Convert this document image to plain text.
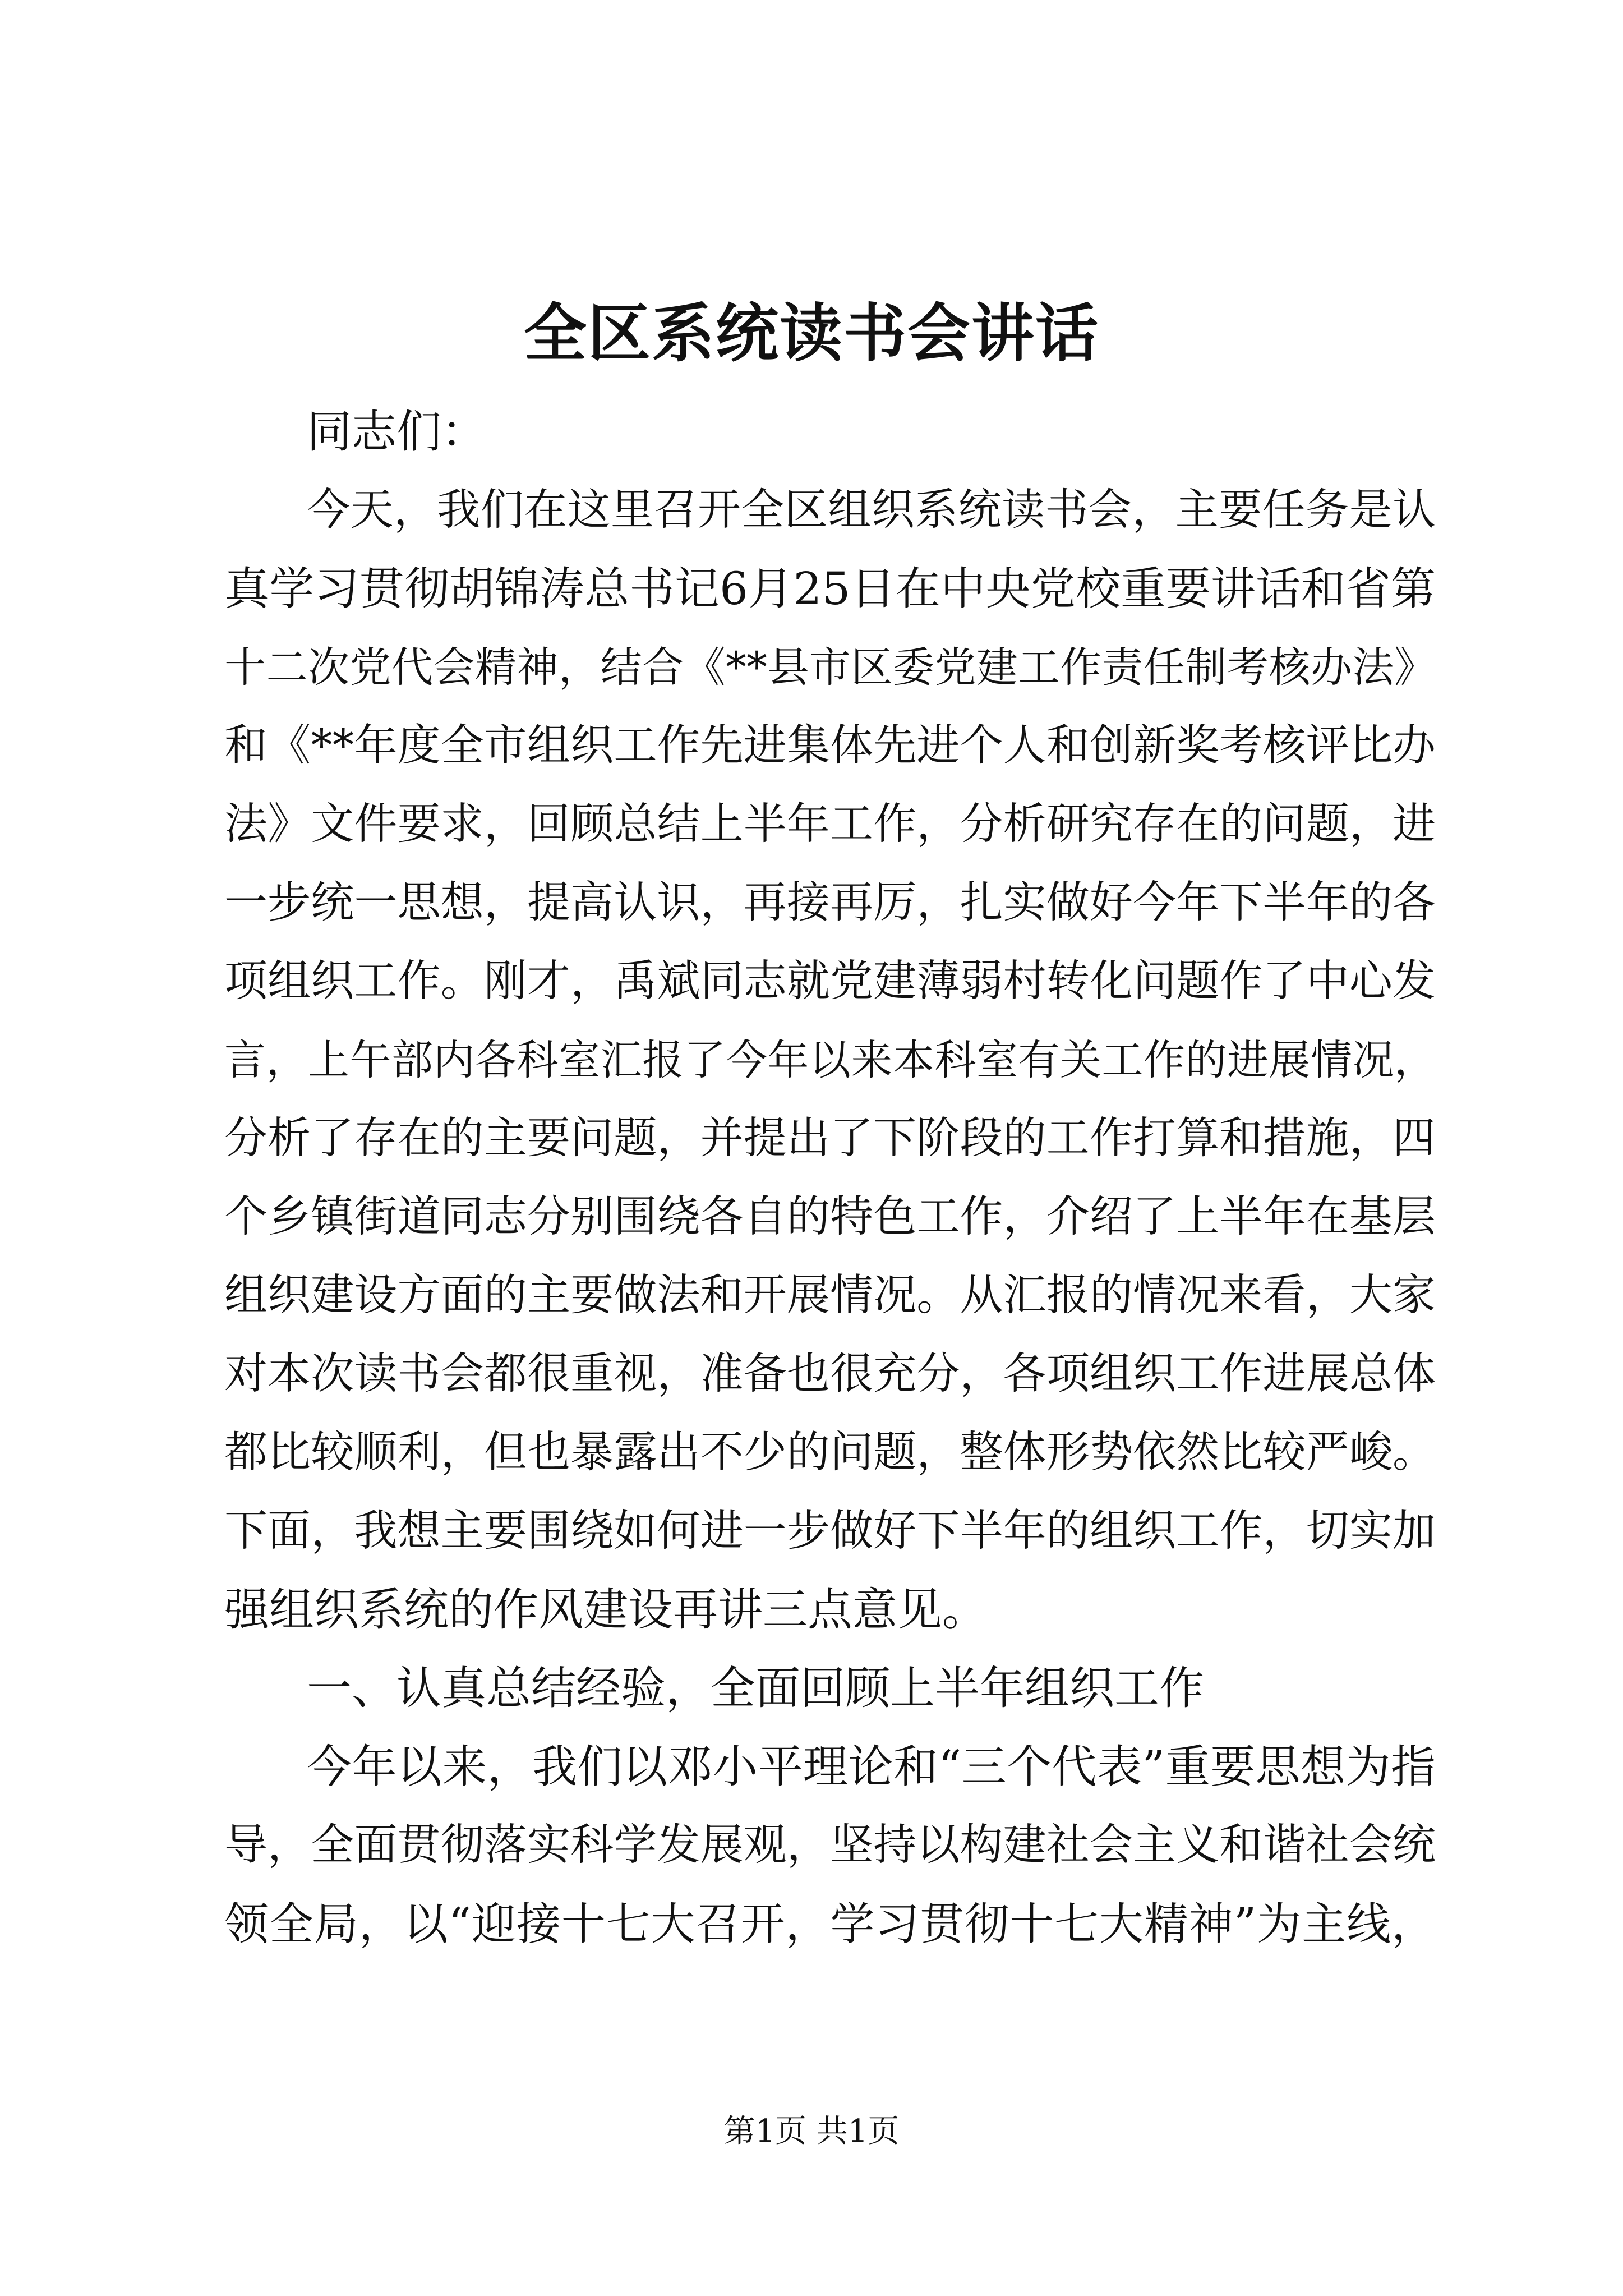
全区系统读书会讲话

同志们：

今天，我们在这里召开全区组织系统读书会，主要任务是认

真学习贯彻胡锦涛总书记6月25日在中央党校重要讲话和省第

十二次党代会精神，结合《**县市区委党建工作责任制考核办法》

和《**年度全市组织工作先进集体先进个人和创新奖考核评比办

法》文件要求，回顾总结上半年工作，分析研究存在的问题，进

一步统一思想，提高认识，再接再厉，扎实做好今年下半年的各

项组织工作。刚才，禹斌同志就党建薄弱村转化问题作了中心发

言，上午部内各科室汇报了今年以来本科室有关工作的进展情况，

分析了存在的主要问题，并提出了下阶段的工作打算和措施，四

个乡镇街道同志分别围绕各自的特色工作，介绍了上半年在基层

组织建设方面的主要做法和开展情况。从汇报的情况来看，大家

对本次读书会都很重视，准备也很充分，各项组织工作进展总体

都比较顺利，但也暴露出不少的问题，整体形势依然比较严峻。

下面，我想主要围绕如何进一步做好下半年的组织工作，切实加

强组织系统的作风建设再讲三点意见。

一、认真总结经验，全面回顾上半年组织工作

今年以来，我们以邓小平理论和“三个代表”重要思想为指

导，全面贯彻落实科学发展观，坚持以构建社会主义和谐社会统

领全局，以“迎接十七大召开，学习贯彻十七大精神”为主线，

第1页 共1页
